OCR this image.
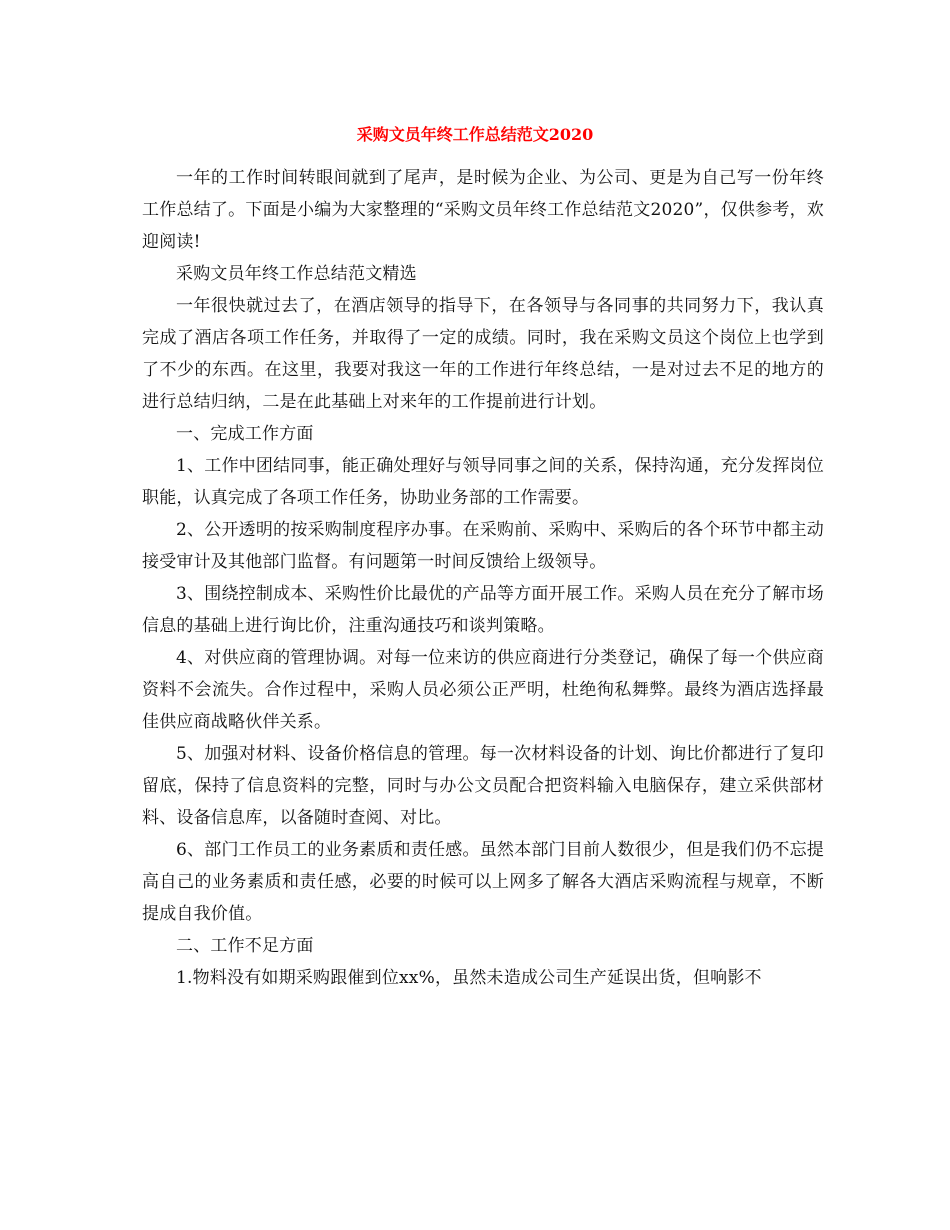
采购文员年终工作总结范文2020

一年的工作时间转眼间就到了尾声，是时候为企业、为公司、更是为自己写一份年终工作总结了。下面是小编为大家整理的“采购文员年终工作总结范文2020”，仅供参考，欢迎阅读!

采购文员年终工作总结范文精选

一年很快就过去了，在酒店领导的指导下，在各领导与各同事的共同努力下，我认真完成了酒店各项工作任务，并取得了一定的成绩。同时，我在采购文员这个岗位上也学到了不少的东西。在这里，我要对我这一年的工作进行年终总结，一是对过去不足的地方的进行总结归纳，二是在此基础上对来年的工作提前进行计划。

一、完成工作方面

1、工作中团结同事，能正确处理好与领导同事之间的关系，保持沟通，充分发挥岗位职能，认真完成了各项工作任务，协助业务部的工作需要。

2、公开透明的按采购制度程序办事。在采购前、采购中、采购后的各个环节中都主动接受审计及其他部门监督。有问题第一时间反馈给上级领导。

3、围绕控制成本、采购性价比最优的产品等方面开展工作。采购人员在充分了解市场信息的基础上进行询比价，注重沟通技巧和谈判策略。

4、对供应商的管理协调。对每一位来访的供应商进行分类登记，确保了每一个供应商资料不会流失。合作过程中，采购人员必须公正严明，杜绝徇私舞弊。最终为酒店选择最佳供应商战略伙伴关系。

5、加强对材料、设备价格信息的管理。每一次材料设备的计划、询比价都进行了复印留底，保持了信息资料的完整，同时与办公文员配合把资料输入电脑保存，建立采供部材料、设备信息库，以备随时查阅、对比。

6、部门工作员工的业务素质和责任感。虽然本部门目前人数很少，但是我们仍不忘提高自己的业务素质和责任感，必要的时候可以上网多了解各大酒店采购流程与规章，不断提成自我价值。

二、工作不足方面

1.物料没有如期采购跟催到位xx%，虽然未造成公司生产延误出货，但响影不
